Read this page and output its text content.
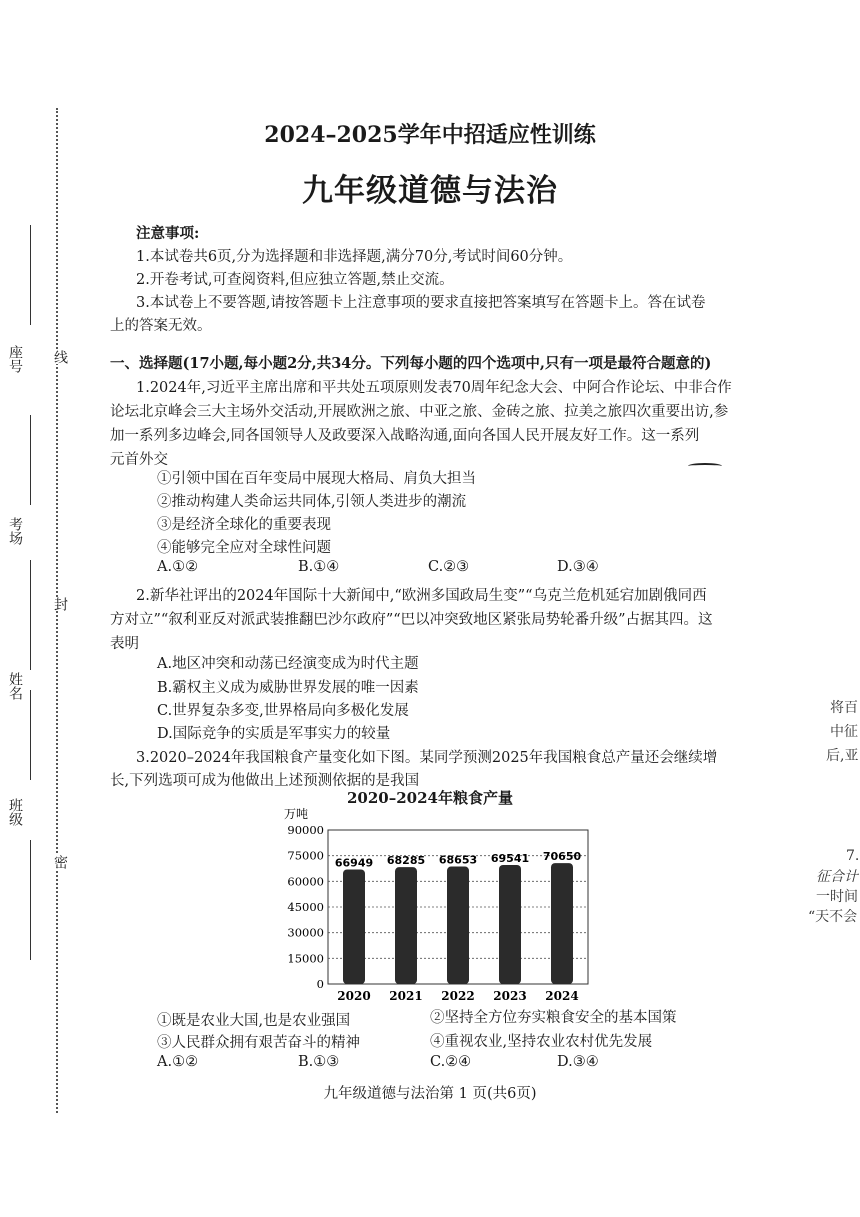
座号
考场
姓名
班级
线
封
密
2024–2025学年中招适应性训练
九年级道德与法治
注意事项:
1.本试卷共6页,分为选择题和非选择题,满分70分,考试时间60分钟。
2.开卷考试,可查阅资料,但应独立答题,禁止交流。
3.本试卷上不要答题,请按答题卡上注意事项的要求直接把答案填写在答题卡上。答在试卷
上的答案无效。
一、选择题(17小题,每小题2分,共34分。下列每小题的四个选项中,只有一项是最符合题意的)
1.2024年,习近平主席出席和平共处五项原则发表70周年纪念大会、中阿合作论坛、中非合作
论坛北京峰会三大主场外交活动,开展欧洲之旅、中亚之旅、金砖之旅、拉美之旅四次重要出访,参
加一系列多边峰会,同各国领导人及政要深入战略沟通,面向各国人民开展友好工作。这一系列
元首外交
①引领中国在百年变局中展现大格局、肩负大担当
②推动构建人类命运共同体,引领人类进步的潮流
③是经济全球化的重要表现
④能够完全应对全球性问题
A.①②	B.①④	C.②③	D.③④
2.新华社评出的2024年国际十大新闻中,“欧洲多国政局生变”“乌克兰危机延宕加剧俄同西
方对立”“叙利亚反对派武装推翻巴沙尔政府”“巴以冲突致地区紧张局势轮番升级”占据其四。这
表明
A.地区冲突和动荡已经演变成为时代主题
B.霸权主义成为威胁世界发展的唯一因素
C.世界复杂多变,世界格局向多极化发展
D.国际竞争的实质是军事实力的较量
3.2020–2024年我国粮食产量变化如下图。某同学预测2025年我国粮食总产量还会继续增
长,下列选项可成为他做出上述预测依据的是我国
2020–2024年粮食产量
万吨
0
15000
30000
45000
60000
75000
90000
66949
2020
68285
2021
68653
2022
69541
2023
70650
2024
①既是农业大国,也是农业强国	②坚持全方位夯实粮食安全的基本国策
③人民群众拥有艰苦奋斗的精神	④重视农业,坚持农业农村优先发展
A.①②	B.①③	C.②④	D.③④
九年级道德与法治第 1 页(共6页)
将百
中征
后,亚
7.
征合计
一时间
“天不会
